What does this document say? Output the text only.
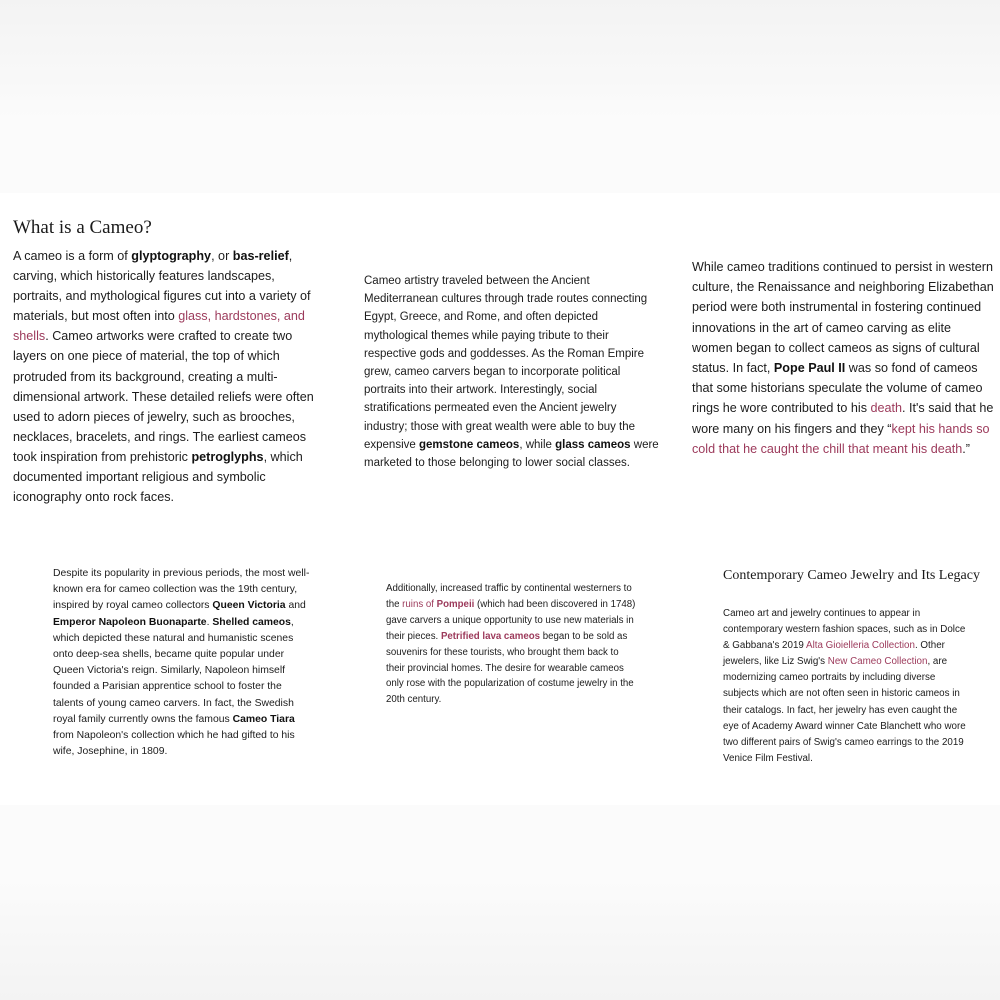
What is a Cameo?

A cameo is a form of glyptography, or bas-relief, carving, which historically features landscapes, portraits, and mythological figures cut into a variety of materials, but most often into glass, hardstones, and shells. Cameo artworks were crafted to create two layers on one piece of material, the top of which protruded from its background, creating a multi-dimensional artwork. These detailed reliefs were often used to adorn pieces of jewelry, such as brooches, necklaces, bracelets, and rings. The earliest cameos took inspiration from prehistoric petroglyphs, which documented important religious and symbolic iconography onto rock faces.

Cameo artistry traveled between the Ancient Mediterranean cultures through trade routes connecting Egypt, Greece, and Rome, and often depicted mythological themes while paying tribute to their respective gods and goddesses. As the Roman Empire grew, cameo carvers began to incorporate political portraits into their artwork. Interestingly, social stratifications permeated even the Ancient jewelry industry; those with great wealth were able to buy the expensive gemstone cameos, while glass cameos were marketed to those belonging to lower social classes.

While cameo traditions continued to persist in western culture, the Renaissance and neighboring Elizabethan period were both instrumental in fostering continued innovations in the art of cameo carving as elite women began to collect cameos as signs of cultural status. In fact, Pope Paul II was so fond of cameos that some historians speculate the volume of cameo rings he wore contributed to his death. It's said that he wore many on his fingers and they “kept his hands so cold that he caught the chill that meant his death.”

Despite its popularity in previous periods, the most well-known era for cameo collection was the 19th century, inspired by royal cameo collectors Queen Victoria and Emperor Napoleon Buonaparte. Shelled cameos, which depicted these natural and humanistic scenes onto deep-sea shells, became quite popular under Queen Victoria's reign. Similarly, Napoleon himself founded a Parisian apprentice school to foster the talents of young cameo carvers. In fact, the Swedish royal family currently owns the famous Cameo Tiara from Napoleon's collection which he had gifted to his wife, Josephine, in 1809.

Additionally, increased traffic by continental westerners to the ruins of Pompeii (which had been discovered in 1748) gave carvers a unique opportunity to use new materials in their pieces. Petrified lava cameos began to be sold as souvenirs for these tourists, who brought them back to their provincial homes. The desire for wearable cameos only rose with the popularization of costume jewelry in the 20th century.

Contemporary Cameo Jewelry and Its Legacy

Cameo art and jewelry continues to appear in contemporary western fashion spaces, such as in Dolce & Gabbana's 2019 Alta Gioielleria Collection. Other jewelers, like Liz Swig's New Cameo Collection, are modernizing cameo portraits by including diverse subjects which are not often seen in historic cameos in their catalogs. In fact, her jewelry has even caught the eye of Academy Award winner Cate Blanchett who wore two different pairs of Swig's cameo earrings to the 2019 Venice Film Festival.
